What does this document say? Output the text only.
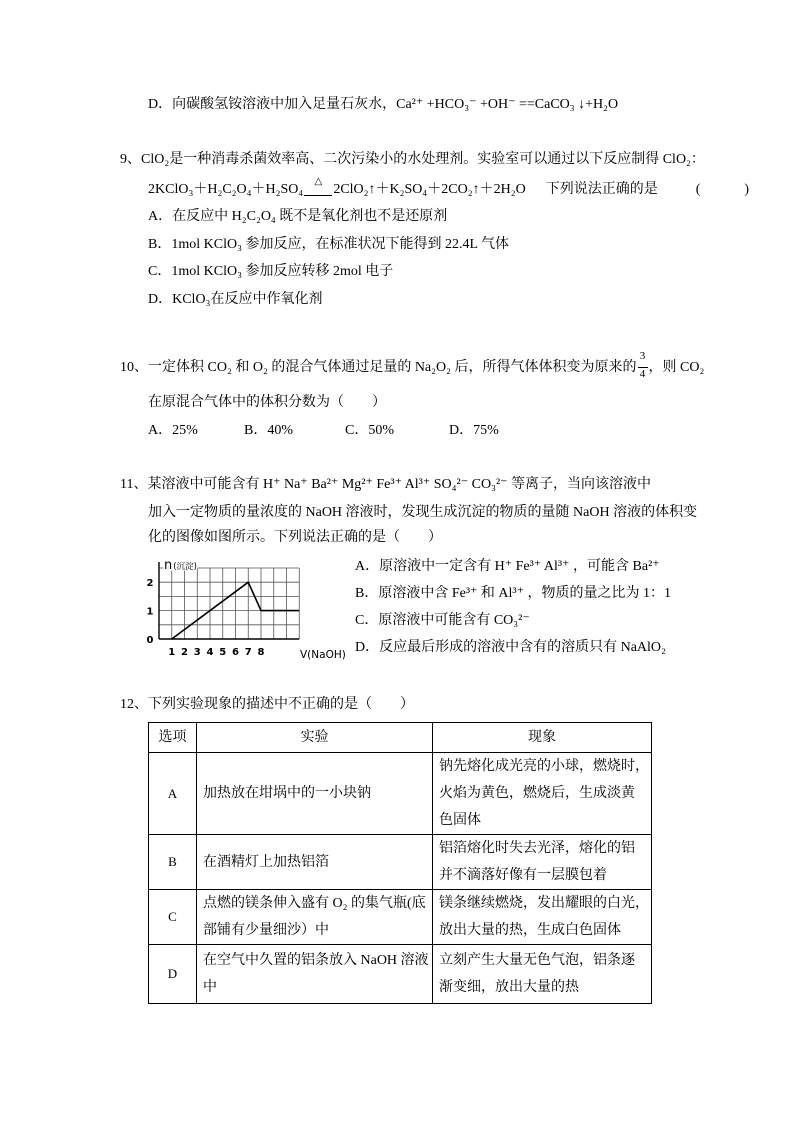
D．向碳酸氢铵溶液中加入足量石灰水，Ca²⁺ +HCO₃⁻ +OH⁻ ==CaCO₃ ↓+H₂O
9、ClO₂是一种消毒杀菌效率高、二次污染小的水处理剂。实验室可以通过以下反应制得 ClO₂：
2KClO₃＋H₂C₂O₄＋H₂SO₄

△

2ClO₂↑＋K₂SO₄＋2CO₂↑＋2H₂O 下列说法正确的是	(	)
A．在反应中 H₂C₂O₄ 既不是氧化剂也不是还原剂
B．1mol KClO₃ 参加反应，在标准状况下能得到 22.4L 气体
C．1mol KClO₃ 参加反应转移 2mol 电子
D．KClO₃在反应中作氧化剂
10、一定体积 CO₂ 和 O₂ 的混合气体通过足量的 Na₂O₂ 后，所得气体体积变为原来的

$\frac{3}{4}$

，则 CO₂
在原混合气体中的体积分数为（        ）
A．25%	B．40%	C．50%	D．75%
11、某溶液中可能含有 H⁺ Na⁺ Ba²⁺ Mg²⁺ Fe³⁺ Al³⁺ SO₄²⁻ CO₃²⁻ 等离子，当向该溶液中
加入一定物质的量浓度的 NaOH 溶液时，发现生成沉淀的物质的量随 NaOH 溶液的体积变
化的图像如图所示。下列说法正确的是（        ）
1 2 3 4 5 6 7 8
0
1
2
n(沉淀)
V(NaOH)
A．原溶液中一定含有 H⁺ Fe³⁺ Al³⁺ ，可能含 Ba²⁺
B．原溶液中含 Fe³⁺ 和 Al³⁺ ，物质的量之比为 1：1
C．原溶液中可能含有 CO₃²⁻
D．反应最后形成的溶液中含有的溶质只有 NaAlO₂
12、下列实验现象的描述中不正确的是（        ）
选项	实验	现象
A	加热放在坩埚中的一小块钠	钠先熔化成光亮的小球，燃烧时，
火焰为黄色，燃烧后，生成淡黄
色固体

B	在酒精灯上加热铝箔	铝箔熔化时失去光泽，熔化的铝
并不滴落好像有一层膜包着

C	点燃的镁条伸入盛有 O₂ 的集气瓶(底
部铺有少量细沙）中	镁条继续燃烧，发出耀眼的白光，
放出大量的热，生成白色固体

D	在空气中久置的铝条放入 NaOH 溶液
中	立刻产生大量无色气泡，铝条逐
渐变细，放出大量的热
